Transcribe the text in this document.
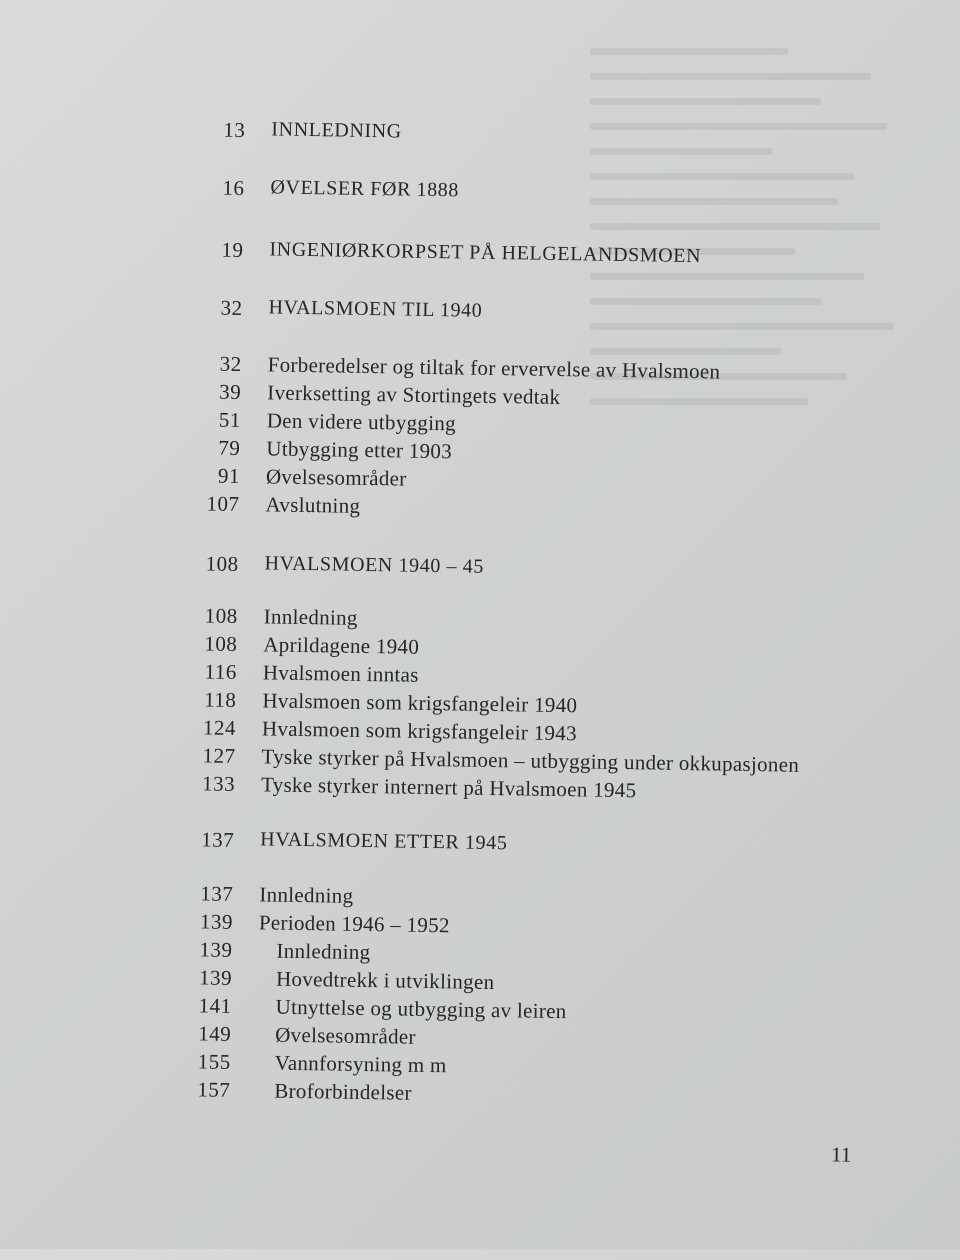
13 INNLEDNING
16 ØVELSER FØR 1888
19 INGENIØRKORPSET PÅ HELGELANDSMOEN
32 HVALSMOEN TIL 1940
32 Forberedelser og tiltak for ervervelse av Hvalsmoen
39 Iverksetting av Stortingets vedtak
51 Den videre utbygging
79 Utbygging etter 1903
91 Øvelsesområder
107 Avslutning
108 HVALSMOEN 1940 – 45
108 Innledning
108 Aprildagene 1940
116 Hvalsmoen inntas
118 Hvalsmoen som krigsfangeleir 1940
124 Hvalsmoen som krigsfangeleir 1943
127 Tyske styrker på Hvalsmoen – utbygging under okkupasjonen
133 Tyske styrker internert på Hvalsmoen 1945
137 HVALSMOEN ETTER 1945
137 Innledning
139 Perioden 1946 – 1952
139 Innledning
139 Hovedtrekk i utviklingen
141 Utnyttelse og utbygging av leiren
149 Øvelsesområder
155 Vannforsyning m m
157 Broforbindelser
11
